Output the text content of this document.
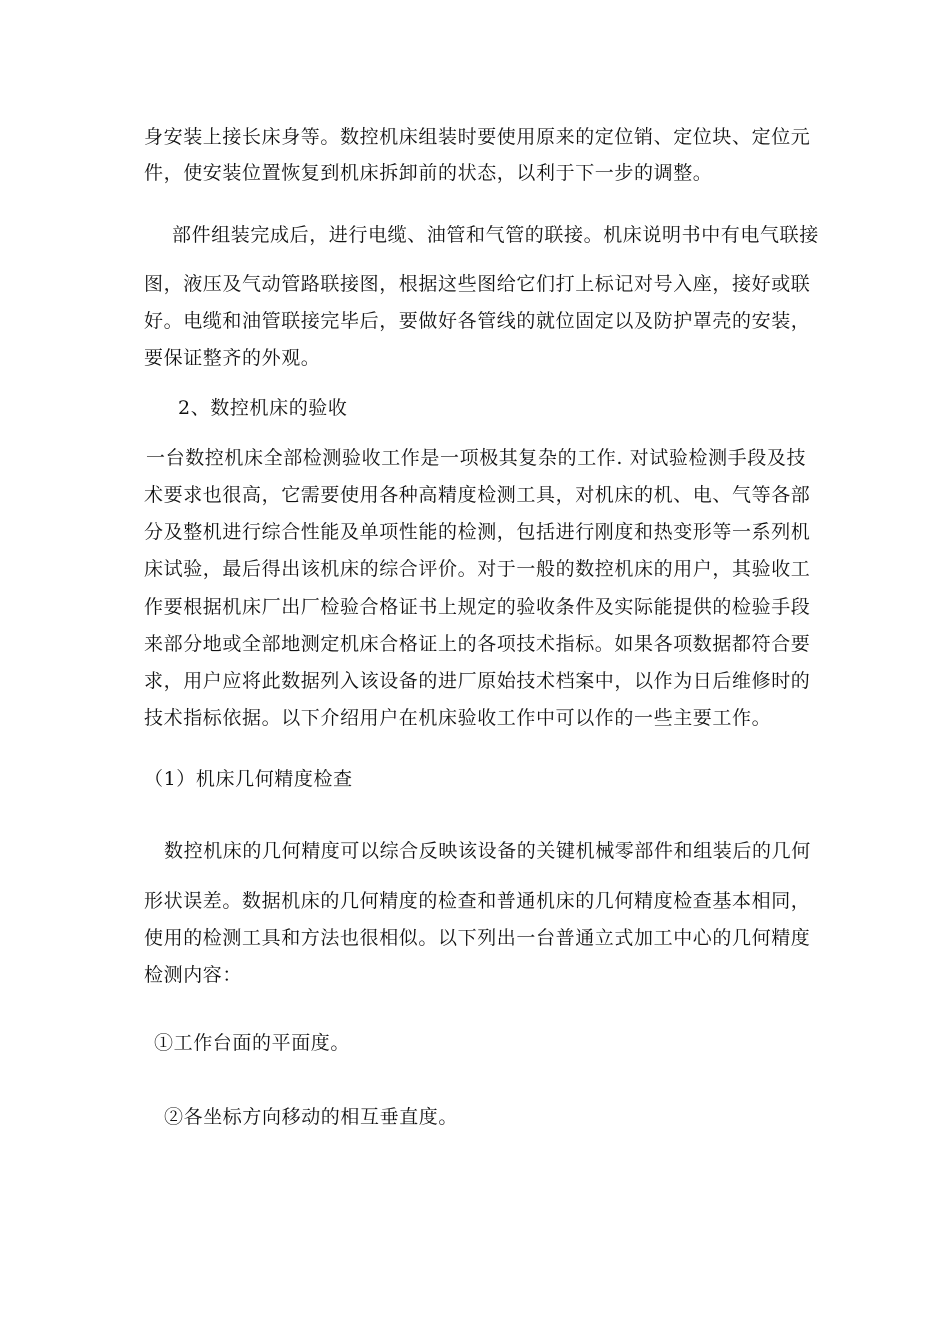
身安装上接长床身等。数控机床组装时要使用原来的定位销、定位块、定位元
件，使安装位置恢复到机床拆卸前的状态，以利于下一步的调整。
部件组装完成后，进行电缆、油管和气管的联接。机床说明书中有电气联接
图，液压及气动管路联接图，根据这些图给它们打上标记对号入座，接好或联
好。电缆和油管联接完毕后，要做好各管线的就位固定以及防护罩壳的安装，
要保证整齐的外观。
2、数控机床的验收
一台数控机床全部检测验收工作是一项极其复杂的工作. 对试验检测手段及技
术要求也很高，它需要使用各种高精度检测工具，对机床的机、电、气等各部
分及整机进行综合性能及单项性能的检测，包括进行刚度和热变形等一系列机
床试验，最后得出该机床的综合评价。对于一般的数控机床的用户，其验收工
作要根据机床厂出厂检验合格证书上规定的验收条件及实际能提供的检验手段
来部分地或全部地测定机床合格证上的各项技术指标。如果各项数据都符合要
求，用户应将此数据列入该设备的进厂原始技术档案中，以作为日后维修时的
技术指标依据。以下介绍用户在机床验收工作中可以作的一些主要工作。
（1）机床几何精度检查
数控机床的几何精度可以综合反映该设备的关键机械零部件和组装后的几何
形状误差。数据机床的几何精度的检查和普通机床的几何精度检查基本相同，
使用的检测工具和方法也很相似。以下列出一台普通立式加工中心的几何精度
检测内容：
①工作台面的平面度。
②各坐标方向移动的相互垂直度。
